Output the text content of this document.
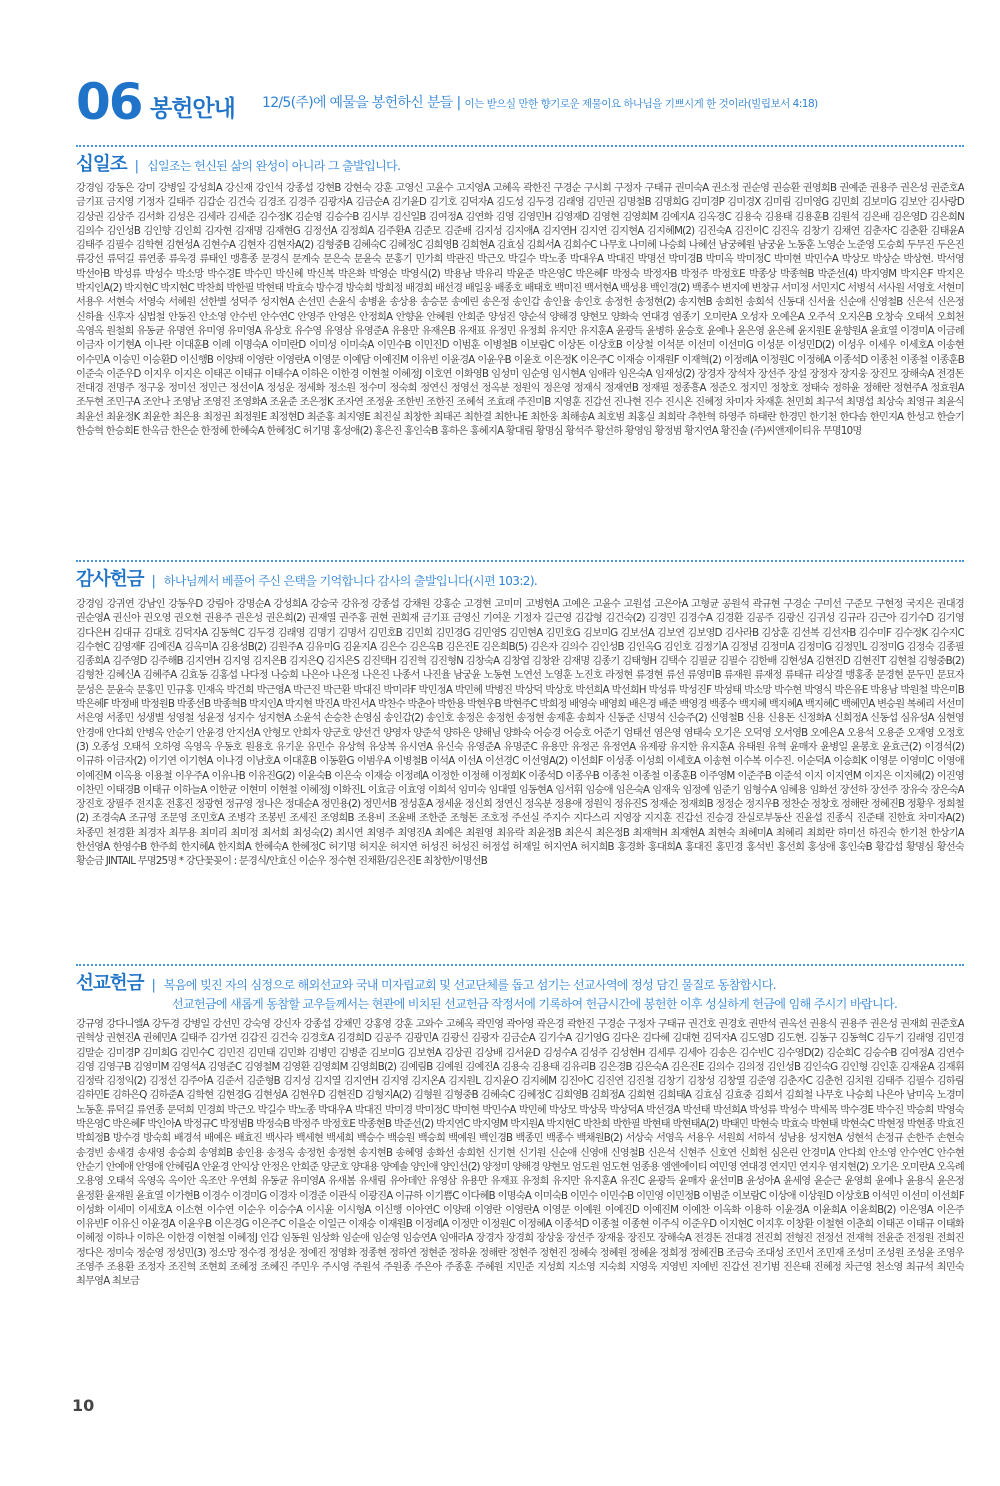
06 봉헌안내 12/5(주)에 예물을 봉헌하신 분들 | 이는 받으실 만한 향기로운 제물이요 하나님을 기쁘시게 한 것이라(빌립보서 4:18)
십일조 | 십일조는 헌신된 삶의 완성이 아니라 그 출발입니다.
강경임 강동은 강미 강병일 강성희A 강신재 강인석 강종섭 강현B 강현숙 강훈 고영신 고윤수 고지영A 고혜옥 곽한진 구경순 구시회 구정자 구태규 권미숙A 권소정 권순영 권승환 권영희B 권예준 권용주 권은성 권준호A 금기표 금지영 기정자 길태주 김갑순 김건숙 김경조 김경주 김광자A 김금순A 김기윤D 김기호 김덕자A 김도성 김두경 김래영 김민권 김명철B 김명희G 김미경P 김미경X 김미림 김미영G 김민희 김보미G 김보안 김사랑D 김상권 김상주 김서화 김성은 김세라 김세준 김수정K 김순영 김승수B 김시부 김신일B 김여정A 김연화 김영 김영민H 김영재D 김영현 김영희M 김예지A 김옥경C 김용숙 김용태 김용훈B 김원석 김은배 김은영D 김은희N 김의수 김인성B 김인향 김인희 김자현 김재명 김재현G 김정선A 김정희A 김주환A 김준모 김준배 김지성 김지애A 김지연H 김지연 김지현A 김지혜M(2) 김진숙A 김진이C 김진옥 김창기 김채연 김춘자C 김춘환 김태윤A 김태주 김필수 김학현 김현성A 김현수A 김현자 김현자A(2) 김형중B 김혜숙C 김혜정C 김희영B 김희현A 김효심 김희서A 김희수C 나무호 나미혜 나승희 나혜선 남궁혜원 남궁윤 노동훈 노영순 노준영 도승희 두무진 두은진 류강선 류덕길 류연종 류욱경 류태인 맹흥종 문경식 문계숙 문은숙 문윤숙 문홍기 민가희 박관진 박근오 박길수 박노종 박대우A 박대진 박명선 박미경B 박미옥 박미정C 박미현 박민수A 박상모 박상순 박상현. 박서영 박선아B 박성류 박성수 박소망 박수경E 박수민 박신혜 박신복 박은화 박영순 박영식(2) 박용남 박유리 박윤준 박은영C 박은혜F 박정숙 박정자B 박정주 박정호E 박종상 박종혁B 박준선(4) 박지영M 박지은F 박지은 박지인A(2) 박지현C 박지현C 박찬희 박한필 박현태 박효숙 방수경 방숙희 방희정 배경희 배선경 배일웅 배종호 배태호 백미진 백서현A 백성용 백인경(2) 백종수 변지예 변창규 서미정 서민지C 서병석 서사원 서영호 서현미 서용우 서현숙 서영숙 서혜원 선한별 성덕주 성지현A 손선민 손윤식 송병윤 송상용 송승문 송예린 송은정 송인갑 송인율 송인호 송정헌 송정현(2) 송지현B 송희헌 송희석 신동대 신서율 신순애 신영철B 신은석 신은정 신하율 신후자 심법철 안동진 안소영 안수빈 안수연C 안영주 안영은 안정희A 안향윤 안혜원 안희준 양성진 양순석 양해경 양현모 양화숙 연대경 염종기 오미란A 오성자 오예은A 오주석 오지은B 오창숙 오태석 오희천 옥영옥 원철희 유동균 유명연 유미영 유미영A 유상호 유수영 유영삼 유영준A 유용만 유재은B 유재표 유정민 유정희 유지만 유지훈A 윤광득 윤병하 윤승호 윤예나 윤은영 윤은혜 윤지원E 윤향원A 윤효열 이경미A 이금례 이금자 이기현A 이나란 이대훈B 이례 이명숙A 이미란D 이미성 이미숙A 이민수B 이민진D 이범훈 이병철B 이보람C 이상돈 이상호B 이상철 이석문 이선미 이선미G 이성문 이성민D(2) 이성우 이세우 이세호A 이송현 이수민A 이승민 이승환D 이신행B 이양래 이영란 이영란A 이영문 이예담 이예진M 이유빈 이윤경A 이윤우B 이윤호 이은정K 이은주C 이재승 이재원F 이재혁(2) 이정례A 이정원C 이정혜A 이종석D 이종천 이종철 이종훈B 이준숙 이준우D 이지우 이지은 이태곤 이태규 이태수A 이하은 이한경 이현철 이혜정J 이호연 이화영B 임성미 임순영 임시현A 임애라 임은숙A 임재성(2) 장경자 장석자 장선주 장설 장정자 장지웅 장진모 장해숙A 전경돈 전대경 전명주 정구웅 정미선 정민근 정선이A 정성운 정세화 정소원 정수미 정숙희 정연신 정영선 정옥분 정원익 정은영 정재식 정재연B 정재필 정종흥A 정준오 정지민 정창호 정태숙 정하윤 정해란 정현주A 정효원A 조두현 조민구A 조안나 조영남 조영진 조영화A 조윤준 조은정K 조자연 조정윤 조한빈 조한진 조혜석 조효래 주진미B 지영훈 진갑선 진나현 진수 진시온 진혜정 차미자 차재훈 천민희 최구석 최명섭 최상숙 최영규 최윤식 최윤선 최윤정K 최윤한 최은용 최정권 최정원E 최정현D 최준홍 최지영E 최진실 최창한 최태곤 최한결 최한나E 최한웅 최해송A 최호범 최홍실 최희락 추한혁 하영주 하태란 한경민 한기천 한다솜 한민지A 한성고 한슬기 한승혁 한승희E 한옥금 한은순 한정혜 한혜숙A 한혜정C 허기명 홍성애(2) 홍은진 홍인숙B 홍하은 홍혜지A 황대림 황명심 황석주 황선하 황영임 황정범 황지연A 황진솔 (주)씨앤제이티유 무명10명
감사헌금 | 하나님께서 베풀어 주신 은택을 기억합니다 감사의 출발입니다(시편 103:2).
강경임 강귀연 강남인 강동우D 강림아 강명순A 강성희A 강승국 강유정 강종섭 강채원 강홍순 고경현 고미미 고병현A 고예은 고윤수 고원섭 고은아A 고형균 공원석 곽규현 구경순 구미선 구준모 구현정 국지은 권대경 권순영A 권신아 권오영 권오현 권용주 권은성 권은희(2) 권재열 권주홍 권현 권희재 금기표 금영신 기여운 기정자 길근영 김갑형 김건숙(2) 김경민 김경수A 김경환 김공주 김광신 김귀성 김규라 김근아 김기수D 김기영 김다은H 김대규 김대호 김덕자A 김동혁C 김두경 김래영 김명기 김명서 김민호B 김민희 김민경G 김민영S 김민현A 김민호G 김보미G 김보선A 김보연 김보영D 김사라B 김상훈 김선복 김선자B 김수미F 김수정K 김수지C 김수현C 김영재F 김예진A 김옥미A 김용성B(2) 김원주A 김유미G 김윤지A 김은수 김은옥B 김은진E 김은희B(5) 김은자 김의수 김인성B 김인옥G 김인호 김정기A 김정념 김정미A 김정미G 김정민L 김정미G 김정숙 김종필 김종희A 김주영D 김주해B 김지연H 김지영 김지은B 김지은Q 김지은S 김진택H 김진혁 김진형N 김창숙A 김창엽 김창완 김재명 김종기 김태형H 김택수 김필균 김필수 김한배 김현성A 김현진D 김현진T 김현철 김형중B(2) 김형찬 김혜신A 김혜주A 김효동 김홍섭 나다정 나승희 나은아 나은정 나은진 나종서 나진율 남궁윤 노동현 노연선 노영훈 노진호 라정현 류경현 류선 류영미B 류재원 류재정 류태규 리상결 맹홍종 문경현 문두민 문묘자 문성은 문윤숙 문홍민 민규홍 민재옥 박건희 박근영A 박근진 박근환 박대진 박미라F 박민정A 박민혜 박병진 박상덕 박상호 박선희A 박선희H 박성류 박성진F 박성태 박소망 박수현 박영식 박은유E 박용남 박원철 박은미B 박은혜F 박정배 박정원B 박종선B 박종혁B 박지인A 박지현 박진A 박진서A 박찬수 박춘아 박한용 박현우B 박현주C 박희정 배영숙 배영희 배은경 배준 백영경 백종수 백지혜 백지혜A 백지혜C 백혜민A 변승원 복혜리 서선미 서은영 서종민 성생별 성영철 성윤정 성지수 성지현A 소윤석 손승찬 손영심 송인갑(2) 송인호 송정은 송정헌 송정현 송제훈 송희자 신동준 신명석 신승주(2) 신영철B 신용 신용돈 신정화A 신희정A 신동섭 심유성A 심현영 안경애 안다희 안병옥 안순기 안윤경 안지선A 안형모 안희자 양군호 양선건 양영자 양준석 양하은 양해님 양화숙 어승경 어승호 어준기 엄태선 염은영 염태숙 오기은 오덕영 오서영B 오예은A 오용석 오용준 오재영 오정호(3) 오종성 오태석 오하영 옥영옥 우동호 원용호 유기운 유민수 유상혁 유상복 유시연A 유신숙 유영준A 유명준C 유용만 유정곤 유정연A 유제광 유지한 유지훈A 유태원 유혁 윤매자 윤병일 윤봉호 윤효근(2) 이경석(2) 이규하 이금자(2) 이기연 이기현A 이나경 이남호A 이대훈B 이동환G 이범우A 이병철B 이석A 이선A 이선경C 이선영A(2) 이선희F 이성종 이성희 이세호A 이송현 이수복 이수진. 이순덕A 이승희K 이영문 이영미C 이영애 이예진M 이옥용 이용철 이우주A 이유나B 이유진G(2) 이윤숙B 이은숙 이재승 이정례A 이정한 이정해 이정희K 이종석D 이종우B 이종천 이종철 이종훈B 이주영M 이준주B 이준석 이지 이지연M 이지은 이지혜(2) 이진영 이찬민 이태경B 이태규 이하늘A 이한균 이현미 이현철 이혜정J 이화진L 이효금 이효영 이희석 임미숙 임대열 임동현A 임서휘 임승애 임은숙A 임재욱 임정예 임준기 임형수A 임혜용 임화선 장선하 장선주 장유숙 장은숙A 장진호 장필주 전지훈 전홍진 정광현 정규영 정나은 정대순A 정민용(2) 정민서B 정성훈A 정세윤 정신희 정연신 정옥분 정용애 정원익 정유진S 정재순 정재희B 정정순 정지우B 정찬순 정창호 정해란 정혜진B 정황우 정희철(2) 조경숙A 조규영 조문영 조민호A 조병각 조봉빈 조세진 조영희B 조용비 조윤배 조한준 조형돈 조호정 주선실 주지수 지다스리 지영장 지지훈 진갑선 진승경 잔실로부동산 진윤섭 진종식 진준태 진한효 차미자A(2) 차종민 천경환 최경자 최무용 최미리 최미정 최서희 최성숙(2) 최시연 최영주 최영진A 최예은 최원영 최유락 최윤정B 최은식 최은정B 최재혁H 최재현A 최현숙 최혜미A 최혜리 최희란 하미선 하진숙 한기천 한상기A 한선영A 한영수B 한주희 한지혜A 한지희A 한혜숙A 한혜정C 허기명 허지운 허지연 허성진 허성진 허정섭 허재일 허지연A 허지희B 홍경화 홍대희A 홍대진 홍민경 홍석빈 홍선희 홍성애 홍인숙B 황갑섭 황명심 황선숙 황순금 JINTAIL 무명25명 * 강단꽃꽂이 : 문경식/안효신 이순우 정수현 진채환/김은진E 최창한/이명선B
선교헌금 | 복음에 빚진 자의 심정으로 해외선교와 국내 미자립교회 및 선교단체를 돕고 섬기는 선교사역에 정성 담긴 물질로 동참합시다.
선교헌금에 새롭게 동참할 교우들께서는 현관에 비치된 선교헌금 작정서에 기록하여 헌금시간에 봉헌한 이후 성실하게 헌금에 임해 주시기 바랍니다.
강규영 강다니엘A 강두경 강병일 강선민 강숙영 강신자 강종섭 강채민 강홍영 강훈 고와수 고혜옥 곽민영 곽아영 곽은경 곽한진 구경순 구정자 구태규 권건호 권경호 권반석 권옥선 권용식 권용주 권은성 권재희 권준호A 권혁상 권현진A 권혜민A 길태주 김가연 김갑진 김건숙 김경호A 김경희D 김공주 김광민A 김광신 김광자 김금순A 김기수A 김기영G 김다온 김다혜 김대현 김덕자A 김도영D 김도현. 김동구 김동혁C 김두기 김래영 김민경 김말순 김미경P 김미희G 김민수C 김민진 김민태 김민화 김병민 김병준 김보미G 김보현A 김상권 김상배 김서윤D 김성수A 김성주 김성현H 김세루 김세아 김송은 김수빈C 김수영D(2) 김순희C 김승수B 김여정A 김연수 김영 김영구B 김영미M 김영석A 김영준C 김영철M 김영환 김영희M 김영희B(2) 김예림B 김예원 김예진A 김용숙 김용태 김유리B 김은경B 김은숙A 김은진E 김의수 김의정 김인성B 김인숙G 김인형 김인훈 김재윤A 김재휘 김정락 김정익(2) 김정선 김주아A 김준서 김준형B 김지성 김지열 김지연H 김지영 김지온A 김지원L 김지윤O 김지혜M 김진아C 김진연 김진철 김창기 김창성 김창열 김준영 김춘자C 김춘헌 김치원 김태주 김필수 김하림 김하민E 김하은Q 김하준A 김학현 김현경G 김현성A 김현우D 김현진D 김형지A(2) 김형원 김형중B 김혜숙C 김혜정C 김희영B 김희정A 김희현 김희태A 김효심 김효중 김희서 김희철 나무호 나승희 나은아 남미옥 노경미 노동훈 류덕길 류연종 문덕희 민경희 박근오 박길수 박노종 박대우A 박대진 박미경 박미정C 박미현 박민수A 박민혜 박상모 박상묵 박상덕A 박선경A 박선태 박선희A 박성류 박성수 박세목 박수경E 박수진 박승희 박영숙 박은영C 박은혜F 박인아A 박정규C 박정범B 박정숙B 박정주 박정호E 박종현B 박준선(2) 박지연C 박지영M 박지원A 박지현C 박찬희 박한필 박현태 박현태A(2) 박태민 박현숙 박효숙 박현태 박현숙C 박현정 박현종 박효진 박희정B 방수경 방숙희 배경석 배예은 배효진 백사라 백세현 백세희 백승수 백승원 백승희 백예원 백인경B 백종민 백종수 백채원B(2) 서상숙 서영옥 서용우 서원희 서하석 성남용 성지현A 성현석 손정규 손한주 손현숙 송경빈 송새경 송새영 송승희 송영희B 송인용 송정옥 송정헌 송정현 송지현B 송혜영 송화선 송희헌 신기현 신기원 신순애 신영애 신영철B 신은석 신현주 신호연 신희헌 심은린 안경미A 안다희 안소영 안수연C 안수현 안순기 안예애 안영애 안혜림A 안윤경 안익상 안정은 안희준 양군호 양대용 양예솔 양인애 양인선(2) 양정미 양해경 양현모 엄도원 엄도현 엄종용 엠엔에이티 여민영 연대경 연지민 연지우 염지현(2) 오기은 오미란A 오옥례 오용영 오태석 옥영옥 옥이안 옥조안 우연희 유동균 유미영A 유새봄 유새림 유아데안 유영삼 유용만 유재표 유정희 유지만 유지훈A 유진C 윤광득 윤매자 윤선미B 윤성아A 윤세영 윤순근 윤영희 윤예나 윤용식 윤은정 윤정환 윤재원 윤효열 이가현B 이경수 이경미G 이경자 이경준 이관식 이광진A 이규하 이기쁨C 이다혜B 이명숙A 이미숙B 이민수 이민수B 이민영 이민정B 이범준 이보람C 이상애 이상원D 이상호B 이석민 이선미 이선희F 이성화 이세미 이세호A 이소현 이수연 이순우 이승수A 이시윤 이시형A 이신행 이아연C 이양래 이영란 이영란A 이영문 이예원 이예진D 이예진M 이예찬 이옥화 이용하 이윤경A 이윤희A 이윤희B(2) 이은영A 이은주 이유빈F 이유신 이윤경A 이윤우B 이은경G 이은주C 이을순 이일근 이재승 이재원B 이정례A 이정만 이정원C 이정혜A 이종석D 이종철 이종현 이주식 이준우D 이지현C 이지후 이창환 이철현 이춘희 이태곤 이태규 이태화 이혜정 이하나 이하은 이한경 이현철 이혜정J 인갑 임동원 임상화 임순애 임순영 임승연A 임애라A 장경자 장경희 장상웅 장선주 장재웅 장진모 장해숙A 전경돈 전대경 전진희 전형진 전정선 전재혁 전윤준 전정원 전희진 정다은 정미숙 정순영 정성민(3) 정소망 정수경 정성운 정예진 정영화 정종현 정하연 정현준 정하윤 정해란 정현주 정현진 정혜숙 정혜원 정혜윤 정희정 정혜진B 조금숙 조대성 조민서 조민재 조성미 조성원 조성윤 조영우 조영주 조용환 조정자 조진혁 조현희 조혜정 조혜진 주민우 주시영 주원석 주원종 주은아 주종훈 주혜원 지민준 지성희 지소영 지숙희 지영욱 지영빈 지예빈 진갑선 진기범 진은태 진혜정 차근영 천소영 최규석 최민숙 최무영A 최보금
10
